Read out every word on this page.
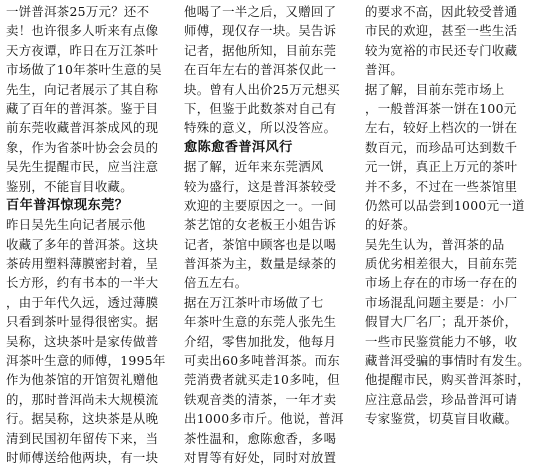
一饼普洱茶25万元？还不
卖！也许很多人听来有点像
天方夜谭，昨日在万江茶叶
市场做了10年茶叶生意的吴
先生，向记者展示了其自称
藏了百年的普洱茶。鉴于目
前东莞收藏普洱茶成风的现
象，作为省茶叶协会会员的
吴先生提醒市民，应当注意
鉴别，不能盲目收藏。
百年普洱惊现东莞？
昨日吴先生向记者展示他
收藏了多年的普洱茶。这块
茶砖用塑料薄膜密封着，呈
长方形，约有书本的一半大
，由于年代久远，透过薄膜
只看到茶叶显得很密实。据
吴称，这块茶叶是家传做普
洱茶叶生意的师傅，1995年
作为他茶馆的开馆贺礼赠他
的，那时普洱尚未大规模流
行。据吴称，这块茶是从晚
清到民国初年留传下来，当
时师傅送给他两块，有一块
他喝了一半之后，又赠回了
师傅，现仅存一块。吴告诉
记者，据他所知，目前东莞
在百年左右的普洱茶仅此一
块。曾有人出价25万元想买
下，但鉴于此数茶对自己有
特殊的意义，所以没答应。
愈陈愈香普洱风行
据了解，近年来东莞洒风
较为盛行，这是普洱茶较受
欢迎的主要原因之一。一间
茶艺馆的女老板王小姐告诉
记者，茶馆中顾客也是以喝
普洱茶为主，数量是绿茶的
倍五左右。
据在万江茶叶市场做了七
年茶叶生意的东莞人张先生
介绍，零售加批发，他每月
可卖出60多吨普洱茶。而东
莞消费者就买走10多吨，但
铁观音类的清茶，一年才卖
出1000多市斤。他说，普洱
茶性温和，愈陈愈香，多喝
对胃等有好处，同时对放置
的要求不高，因此较受普通
市民的欢迎，甚至一些生活
较为宽裕的市民还专门收藏
普洱。
据了解，目前东莞市场上
，一般普洱茶一饼在100元
左右，较好上档次的一饼在
数百元，而珍品可达到数千
元一饼，真正上万元的茶叶
并不多，不过在一些茶馆里
仍然可以品尝到1000元一道
的好茶。
吴先生认为，普洱茶的品
质优劣相差很大，目前东莞
市场上存在的市场一存在的
市场混乱问题主要是：小厂
假冒大厂名厂；乱开茶价，
一些市民鉴赏能力不够，收
藏普洱受骗的事情时有发生。
他提醒市民，购买普洱茶时，
应注意品尝，珍品普洱可请
专家鉴赏，切莫盲目收藏。
